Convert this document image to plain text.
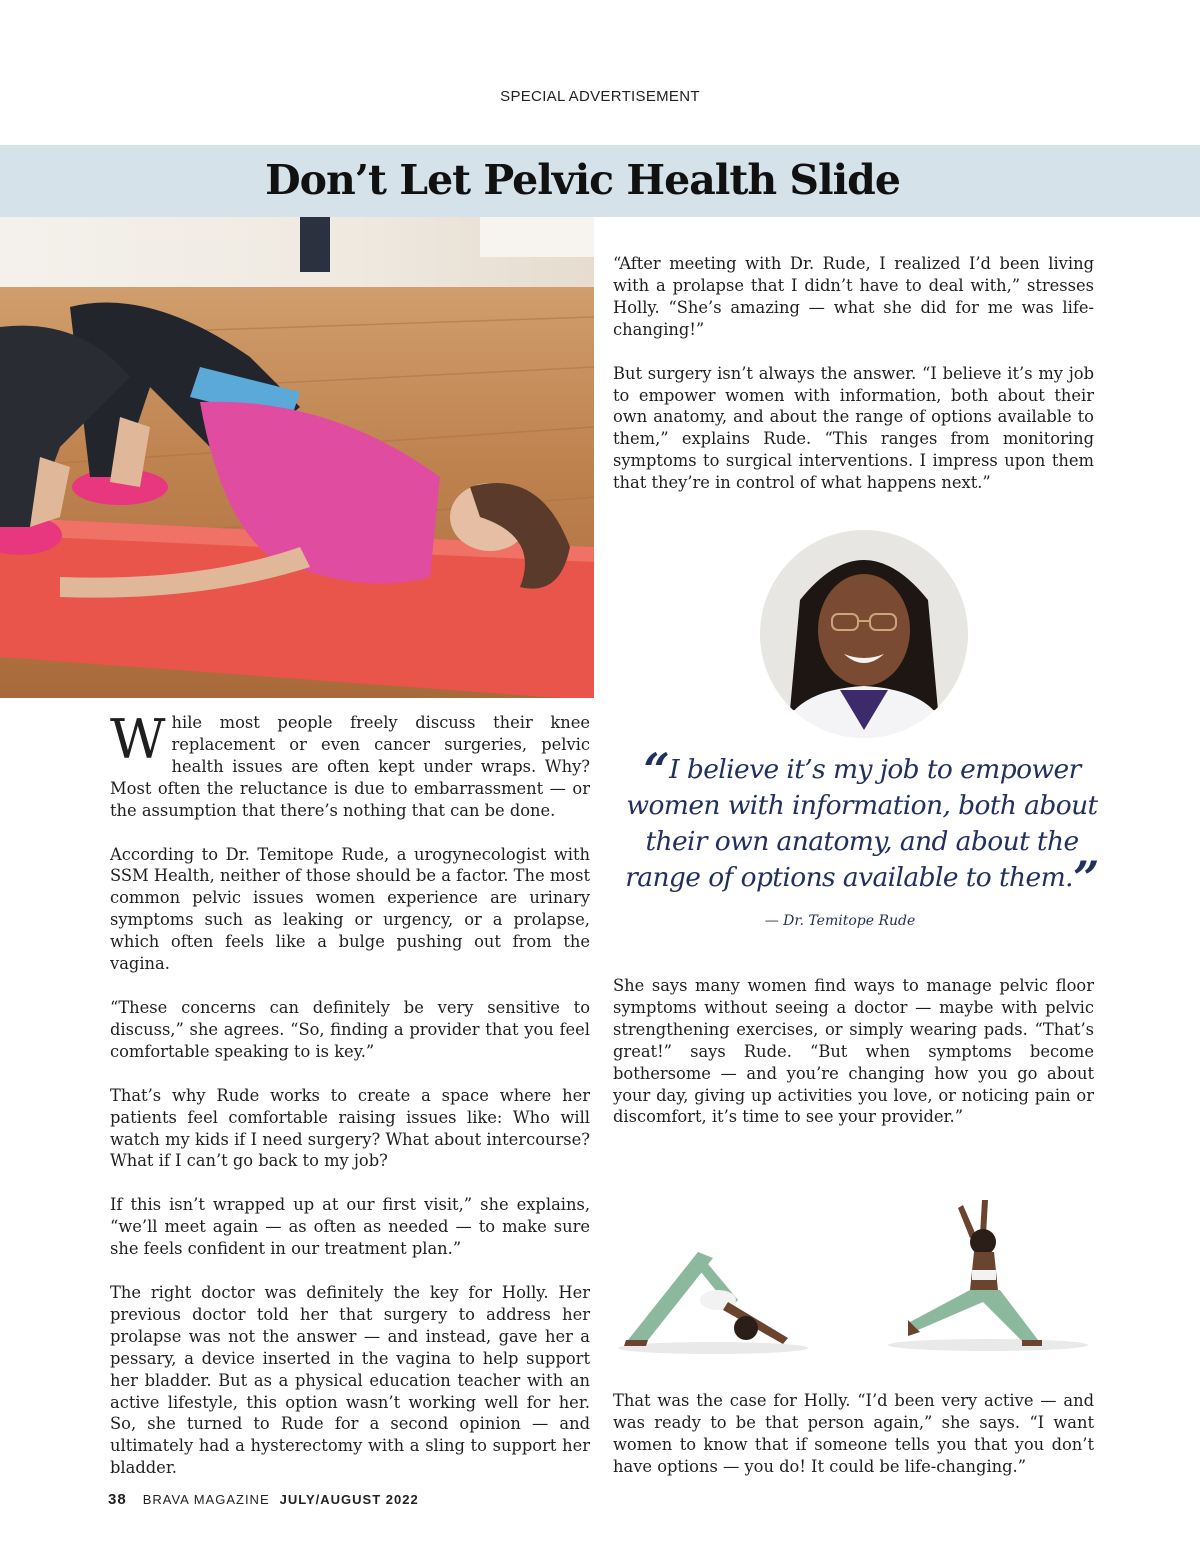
SPECIAL ADVERTISEMENT
Don’t Let Pelvic Health Slide

While most people freely discuss their knee replacement or even cancer surgeries, pelvic health issues are often kept under wraps. Why? Most often the reluctance is due to embarrassment — or the assumption that there’s nothing that can be done.

According to Dr. Temitope Rude, a urogynecologist with SSM Health, neither of those should be a factor. The most common pelvic issues women experience are urinary symptoms such as leaking or urgency, or a prolapse, which often feels like a bulge pushing out from the vagina.

“These concerns can definitely be very sensitive to discuss,” she agrees. “So, finding a provider that you feel comfortable speaking to is key.”

That’s why Rude works to create a space where her patients feel comfortable raising issues like: Who will watch my kids if I need surgery? What about intercourse? What if I can’t go back to my job?

If this isn’t wrapped up at our first visit,” she explains, “we’ll meet again — as often as needed — to make sure she feels confident in our treatment plan.”

The right doctor was definitely the key for Holly. Her previous doctor told her that surgery to address her prolapse was not the answer — and instead, gave her a pessary, a device inserted in the vagina to help support her bladder. But as a physical education teacher with an active lifestyle, this option wasn’t working well for her. So, she turned to Rude for a second opinion — and ultimately had a hysterectomy with a sling to support her bladder.

“After meeting with Dr. Rude, I realized I’d been living with a prolapse that I didn’t have to deal with,” stresses Holly. “She’s amazing — what she did for me was life-changing!”

But surgery isn’t always the answer. “I believe it’s my job to empower women with information, both about their own anatomy, and about the range of options available to them,” explains Rude. “This ranges from monitoring symptoms to surgical interventions. I impress upon them that they’re in control of what happens next.”

“I believe it’s my job to empower
women with information, both about
their own anatomy, and about the
range of options available to them.”
— Dr. Temitope Rude

She says many women find ways to manage pelvic floor symptoms without seeing a doctor — maybe with pelvic strengthening exercises, or simply wearing pads. “That’s great!” says Rude. “But when symptoms become bothersome — and you’re changing how you go about your day, giving up activities you love, or noticing pain or discomfort, it’s time to see your provider.”

That was the case for Holly. “I’d been very active — and was ready to be that person again,” she says. “I want women to know that if someone tells you that you don’t have options — you do! It could be life-changing.”

38 BRAVA MAGAZINE JULY/AUGUST 2022
